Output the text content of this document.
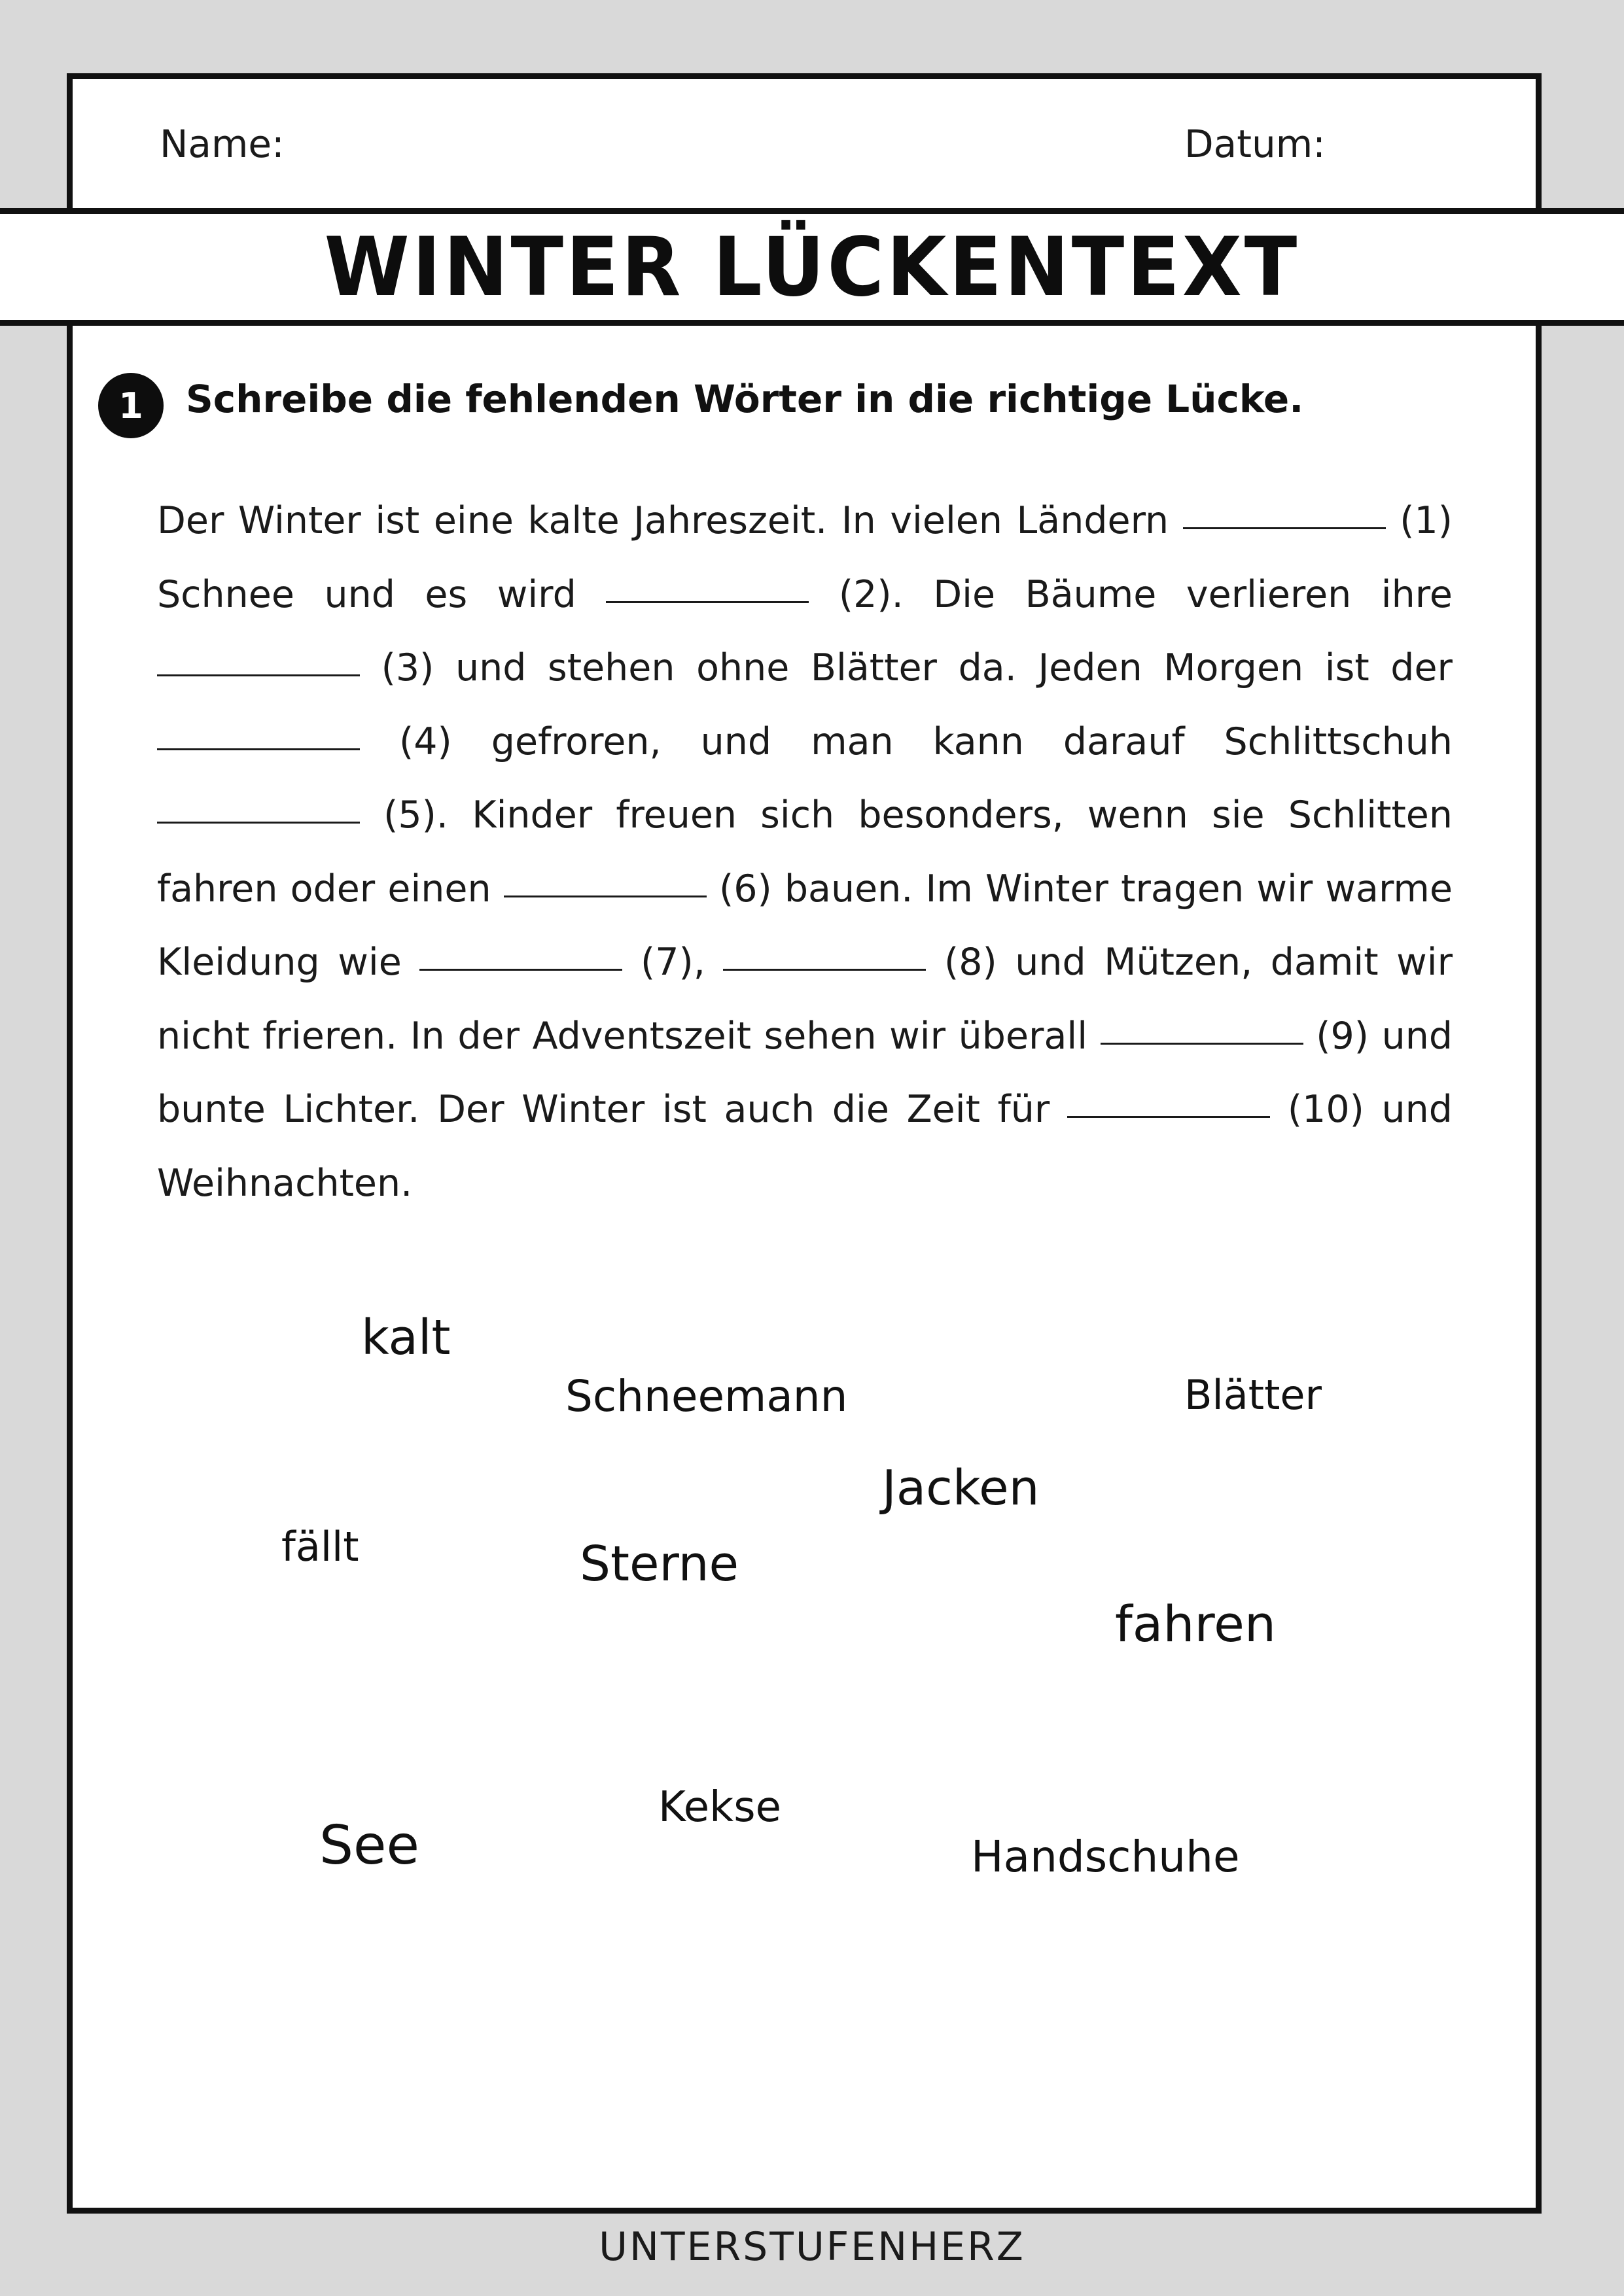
Name:	Datum:
WINTER LÜCKENTEXT
1	Schreibe die fehlenden Wörter in die richtige Lücke.

Der Winter ist eine kalte Jahreszeit. In vielen Ländern	(1) Schnee und es wird	(2). Die Bäume verlieren ihre  (3) und stehen ohne Blätter da. Jeden Morgen ist der  (4) gefroren, und man kann darauf Schlittschuh  (5). Kinder freuen sich besonders, wenn sie Schlitten fahren oder einen	(6) bauen. Im Winter tragen wir warme Kleidung wie	(7),	(8) und Mützen, damit wir nicht frieren. In der Adventszeit sehen wir überall	(9) und bunte Lichter. Der Winter ist auch die Zeit für	(10) und Weihnachten.

kalt
Schneemann	Blätter
Jacken
fällt	Sterne
fahren
See
Kekse
Handschuhe
UNTERSTUFENHERZ
